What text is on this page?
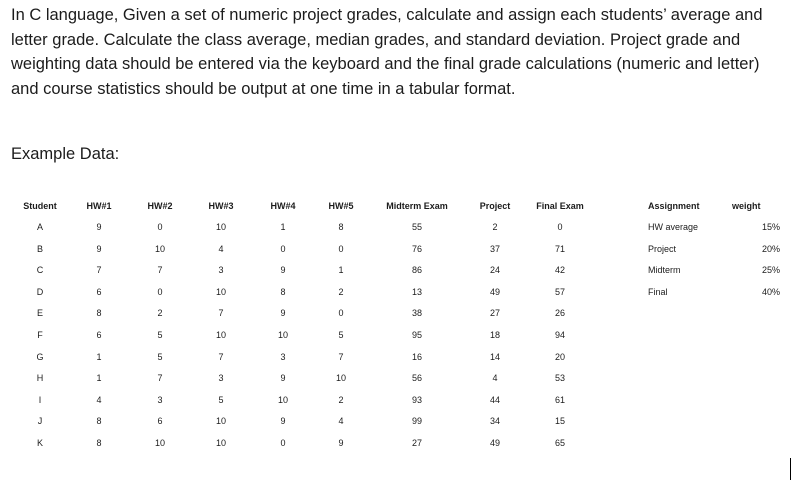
In C language, Given a set of numeric project grades, calculate and assign each students’ average and letter grade. Calculate the class average, median grades, and standard deviation. Project grade and weighting data should be entered via the keyboard and the final grade calculations (numeric and letter) and course statistics should be output at one time in a tabular format.

Example Data:

Student	HW#1	HW#2	HW#3	HW#4	HW#5	Midterm Exam	Project	Final Exam
A	9	0	10	1	8	55	2	0
B	9	10	4	0	0	76	37	71
C	7	7	3	9	1	86	24	42
D	6	0	10	8	2	13	49	57
E	8	2	7	9	0	38	27	26
F	6	5	10	10	5	95	18	94
G	1	5	7	3	7	16	14	20
H	1	7	3	9	10	56	4	53
I	4	3	5	10	2	93	44	61
J	8	6	10	9	4	99	34	15
K	8	10	10	0	9	27	49	65
Assignment	weight
HW average	15%
Project	20%
Midterm	25%
Final	40%
